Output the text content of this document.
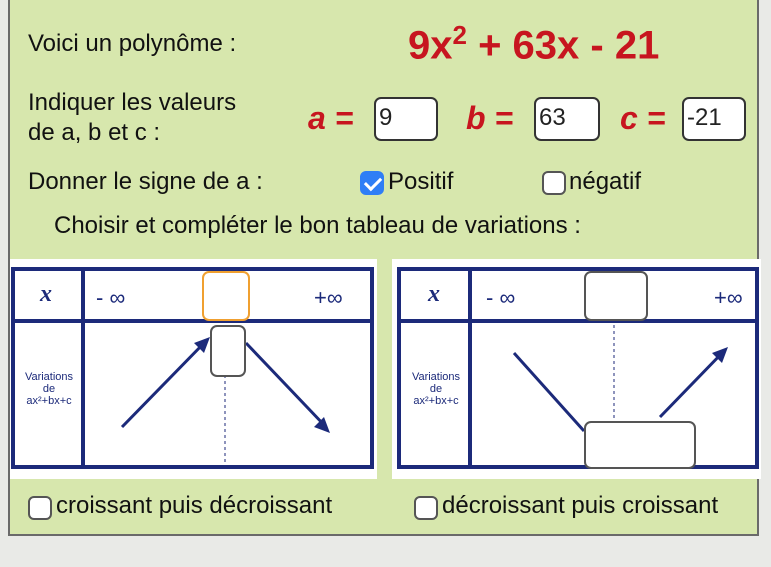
Voici un polynôme :	$9x^2 + 63x - 21$
Indiquer les valeurs
de a, b et c :	a = 9	b = 63	c = -21
Donner le signe de a :	Positif	négatif
Choisir et compléter le bon tableau de variations :
x - ∞	+∞
Variations
de
ax²+bx+c
x - ∞	+∞
Variations
de
ax²+bx+c
croissant puis décroissant	décroissant puis croissant
